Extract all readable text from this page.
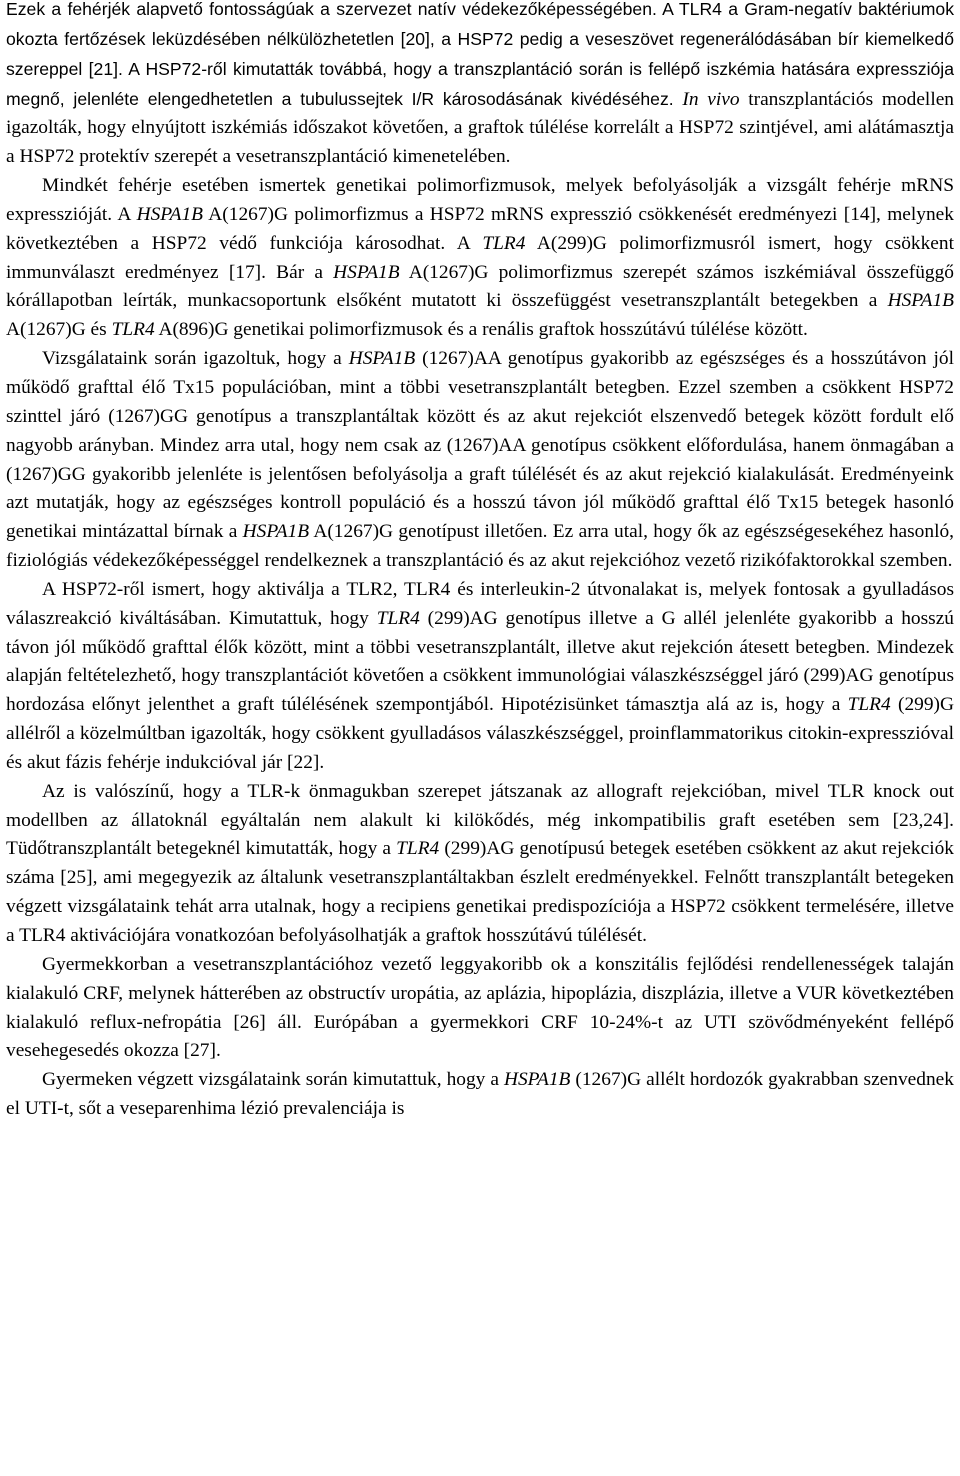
Ezek a fehérjék alapvető fontosságúak a szervezet natív védekezőképességében. A TLR4 a Gram-negatív baktériumok okozta fertőzések leküzdésében nélkülözhetetlen [20], a HSP72 pedig a veseszövet regenerálódásában bír kiemelkedő szereppel [21]. A HSP72-ről kimutatták továbbá, hogy a transzplantáció során is fellépő iszkémia hatására expressziója megnő, jelenléte elengedhetetlen a tubulussejtek I/R károsodásának kivédéséhez. In vivo transzplantációs modellen igazolták, hogy elnyújtott iszkémiás időszakot követően, a graftok túlélése korrelált a HSP72 szintjével, ami alátámasztja a HSP72 protektív szerepét a vesetranszplantáció kimenetelében.

Mindkét fehérje esetében ismertek genetikai polimorfizmusok, melyek befolyásolják a vizsgált fehérje mRNS expresszióját. A HSPA1B A(1267)G polimorfizmus a HSP72 mRNS expresszió csökkenését eredményezi [14], melynek következtében a HSP72 védő funkciója károsodhat. A TLR4 A(299)G polimorfizmusról ismert, hogy csökkent immunválaszt eredményez [17]. Bár a HSPA1B A(1267)G polimorfizmus szerepét számos iszkémiával összefüggő kórállapotban leírták, munkacsoportunk elsőként mutatott ki összefüggést vesetranszplantált betegekben a HSPA1B A(1267)G és TLR4 A(896)G genetikai polimorfizmusok és a renális graftok hosszútávú túlélése között.

Vizsgálataink során igazoltuk, hogy a HSPA1B (1267)AA genotípus gyakoribb az egészséges és a hosszútávon jól működő grafttal élő Tx15 populációban, mint a többi vesetranszplantált betegben. Ezzel szemben a csökkent HSP72 szinttel járó (1267)GG genotípus a transzplantáltak között és az akut rejekciót elszenvedő betegek között fordult elő nagyobb arányban. Mindez arra utal, hogy nem csak az (1267)AA genotípus csökkent előfordulása, hanem önmagában a (1267)GG gyakoribb jelenléte is jelentősen befolyásolja a graft túlélését és az akut rejekció kialakulását. Eredményeink azt mutatják, hogy az egészséges kontroll populáció és a hosszú távon jól működő grafttal élő Tx15 betegek hasonló genetikai mintázattal bírnak a HSPA1B A(1267)G genotípust illetően. Ez arra utal, hogy ők az egészségesekéhez hasonló, fiziológiás védekezőképességgel rendelkeznek a transzplantáció és az akut rejekcióhoz vezető rizikófaktorokkal szemben.

A HSP72-ről ismert, hogy aktiválja a TLR2, TLR4 és interleukin-2 útvonalakat is, melyek fontosak a gyulladásos válaszreakció kiváltásában. Kimutattuk, hogy TLR4 (299)AG genotípus illetve a G allél jelenléte gyakoribb a hosszú távon jól működő grafttal élők között, mint a többi vesetranszplantált, illetve akut rejekción átesett betegben. Mindezek alapján feltételezhető, hogy transzplantációt követően a csökkent immunológiai válaszkészséggel járó (299)AG genotípus hordozása előnyt jelenthet a graft túlélésének szempontjából. Hipotézisünket támasztja alá az is, hogy a TLR4 (299)G allélről a közelmúltban igazolták, hogy csökkent gyulladásos válaszkészséggel, proinflammatorikus citokin-expresszióval és akut fázis fehérje indukcióval jár [22].

Az is valószínű, hogy a TLR-k önmagukban szerepet játszanak az allograft rejekcióban, mivel TLR knock out modellben az állatoknál egyáltalán nem alakult ki kilökődés, még inkompatibilis graft esetében sem [23,24]. Tüdőtranszplantált betegeknél kimutatták, hogy a TLR4 (299)AG genotípusú betegek esetében csökkent az akut rejekciók száma [25], ami megegyezik az általunk vesetranszplantáltakban észlelt eredményekkel. Felnőtt transzplantált betegeken végzett vizsgálataink tehát arra utalnak, hogy a recipiens genetikai predispozíciója a HSP72 csökkent termelésére, illetve a TLR4 aktivációjára vonatkozóan befolyásolhatják a graftok hosszútávú túlélését.

Gyermekkorban a vesetranszplantációhoz vezető leggyakoribb ok a konszitális fejlődési rendellenességek talaján kialakuló CRF, melynek hátterében az obstructív uropátia, az aplázia, hipoplázia, diszplázia, illetve a VUR következtében kialakuló reflux-nefropátia [26] áll. Európában a gyermekkori CRF 10-24%-t az UTI szövődményeként fellépő vesehegesedés okozza [27].

Gyermeken végzett vizsgálataink során kimutattuk, hogy a HSPA1B (1267)G allélt hordozók gyakrabban szenvednek el UTI-t, sőt a veseparenhima lézió prevalenciája is
